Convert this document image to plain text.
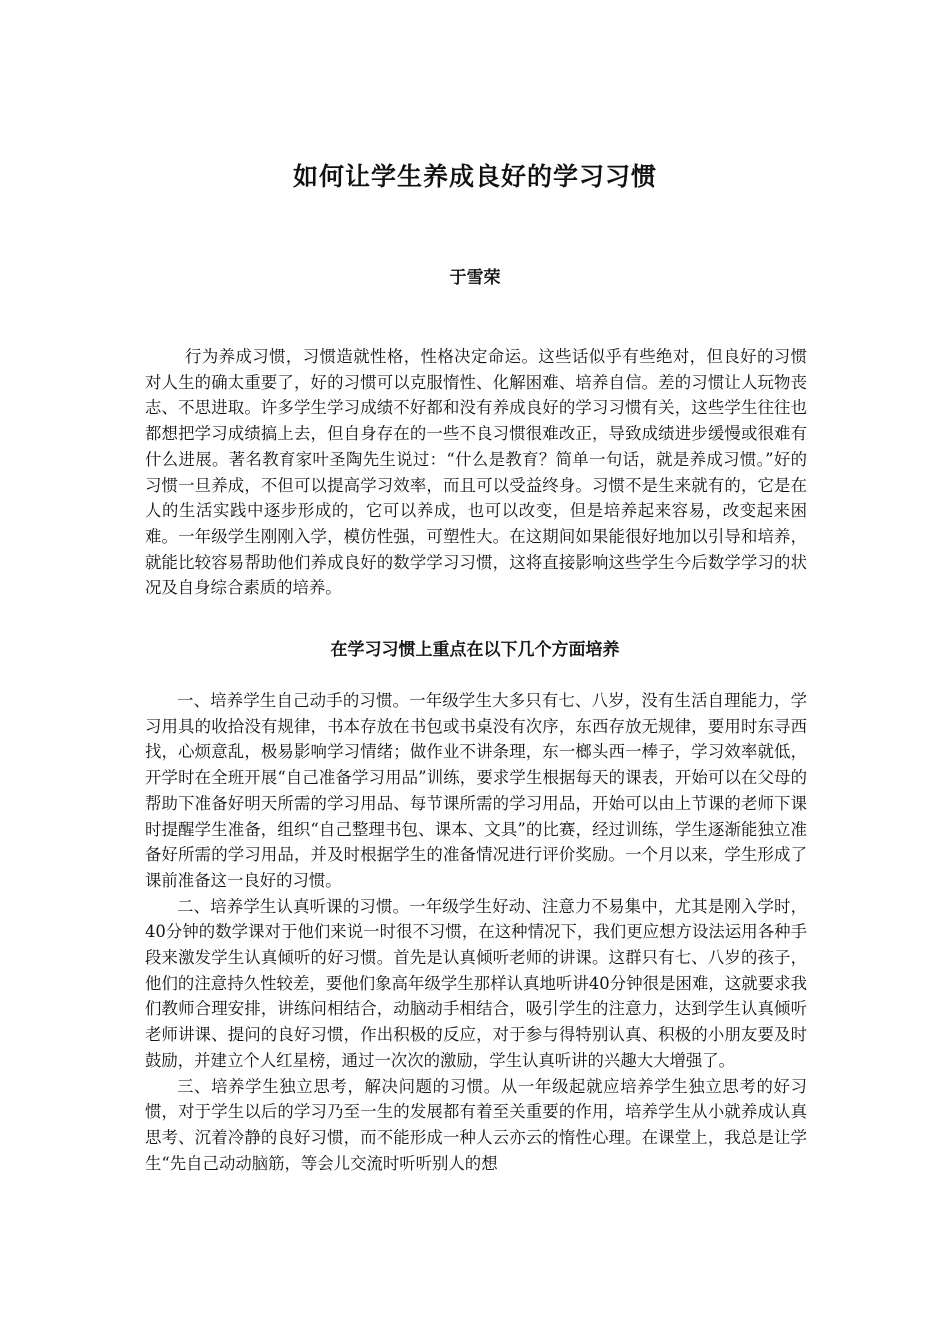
如何让学生养成良好的学习习惯
于雪荣

行为养成习惯，习惯造就性格，性格决定命运。这些话似乎有些绝对，但良好的习惯对人生的确太重要了，好的习惯可以克服惰性、化解困难、培养自信。差的习惯让人玩物丧志、不思进取。许多学生学习成绩不好都和没有养成良好的学习习惯有关，这些学生往往也都想把学习成绩搞上去，但自身存在的一些不良习惯很难改正，导致成绩进步缓慢或很难有什么进展。著名教育家叶圣陶先生说过：“什么是教育？简单一句话，就是养成习惯。”好的习惯一旦养成，不但可以提高学习效率，而且可以受益终身。习惯不是生来就有的，它是在人的生活实践中逐步形成的，它可以养成，也可以改变，但是培养起来容易，改变起来困难。一年级学生刚刚入学，模仿性强，可塑性大。在这期间如果能很好地加以引导和培养，就能比较容易帮助他们养成良好的数学学习习惯，这将直接影响这些学生今后数学学习的状况及自身综合素质的培养。

在学习习惯上重点在以下几个方面培养

一、培养学生自己动手的习惯。一年级学生大多只有七、八岁，没有生活自理能力，学习用具的收拾没有规律，书本存放在书包或书桌没有次序，东西存放无规律，要用时东寻西找，心烦意乱，极易影响学习情绪；做作业不讲条理，东一榔头西一棒子，学习效率就低，开学时在全班开展“自己准备学习用品”训练，要求学生根据每天的课表，开始可以在父母的帮助下准备好明天所需的学习用品、每节课所需的学习用品，开始可以由上节课的老师下课时提醒学生准备，组织“自己整理书包、课本、文具”的比赛，经过训练，学生逐渐能独立准备好所需的学习用品，并及时根据学生的准备情况进行评价奖励。一个月以来，学生形成了课前准备这一良好的习惯。

二、培养学生认真听课的习惯。一年级学生好动、注意力不易集中，尤其是刚入学时，40分钟的数学课对于他们来说一时很不习惯，在这种情况下，我们更应想方设法运用各种手段来激发学生认真倾听的好习惯。首先是认真倾听老师的讲课。这群只有七、八岁的孩子，他们的注意持久性较差，要他们象高年级学生那样认真地听讲40分钟很是困难，这就要求我们教师合理安排，讲练问相结合，动脑动手相结合，吸引学生的注意力，达到学生认真倾听老师讲课、提问的良好习惯，作出积极的反应，对于参与得特别认真、积极的小朋友要及时鼓励，并建立个人红星榜，通过一次次的激励，学生认真听讲的兴趣大大增强了。

三、培养学生独立思考，解决问题的习惯。从一年级起就应培养学生独立思考的好习惯，对于学生以后的学习乃至一生的发展都有着至关重要的作用，培养学生从小就养成认真思考、沉着冷静的良好习惯，而不能形成一种人云亦云的惰性心理。在课堂上，我总是让学生“先自己动动脑筋，等会儿交流时听听别人的想
